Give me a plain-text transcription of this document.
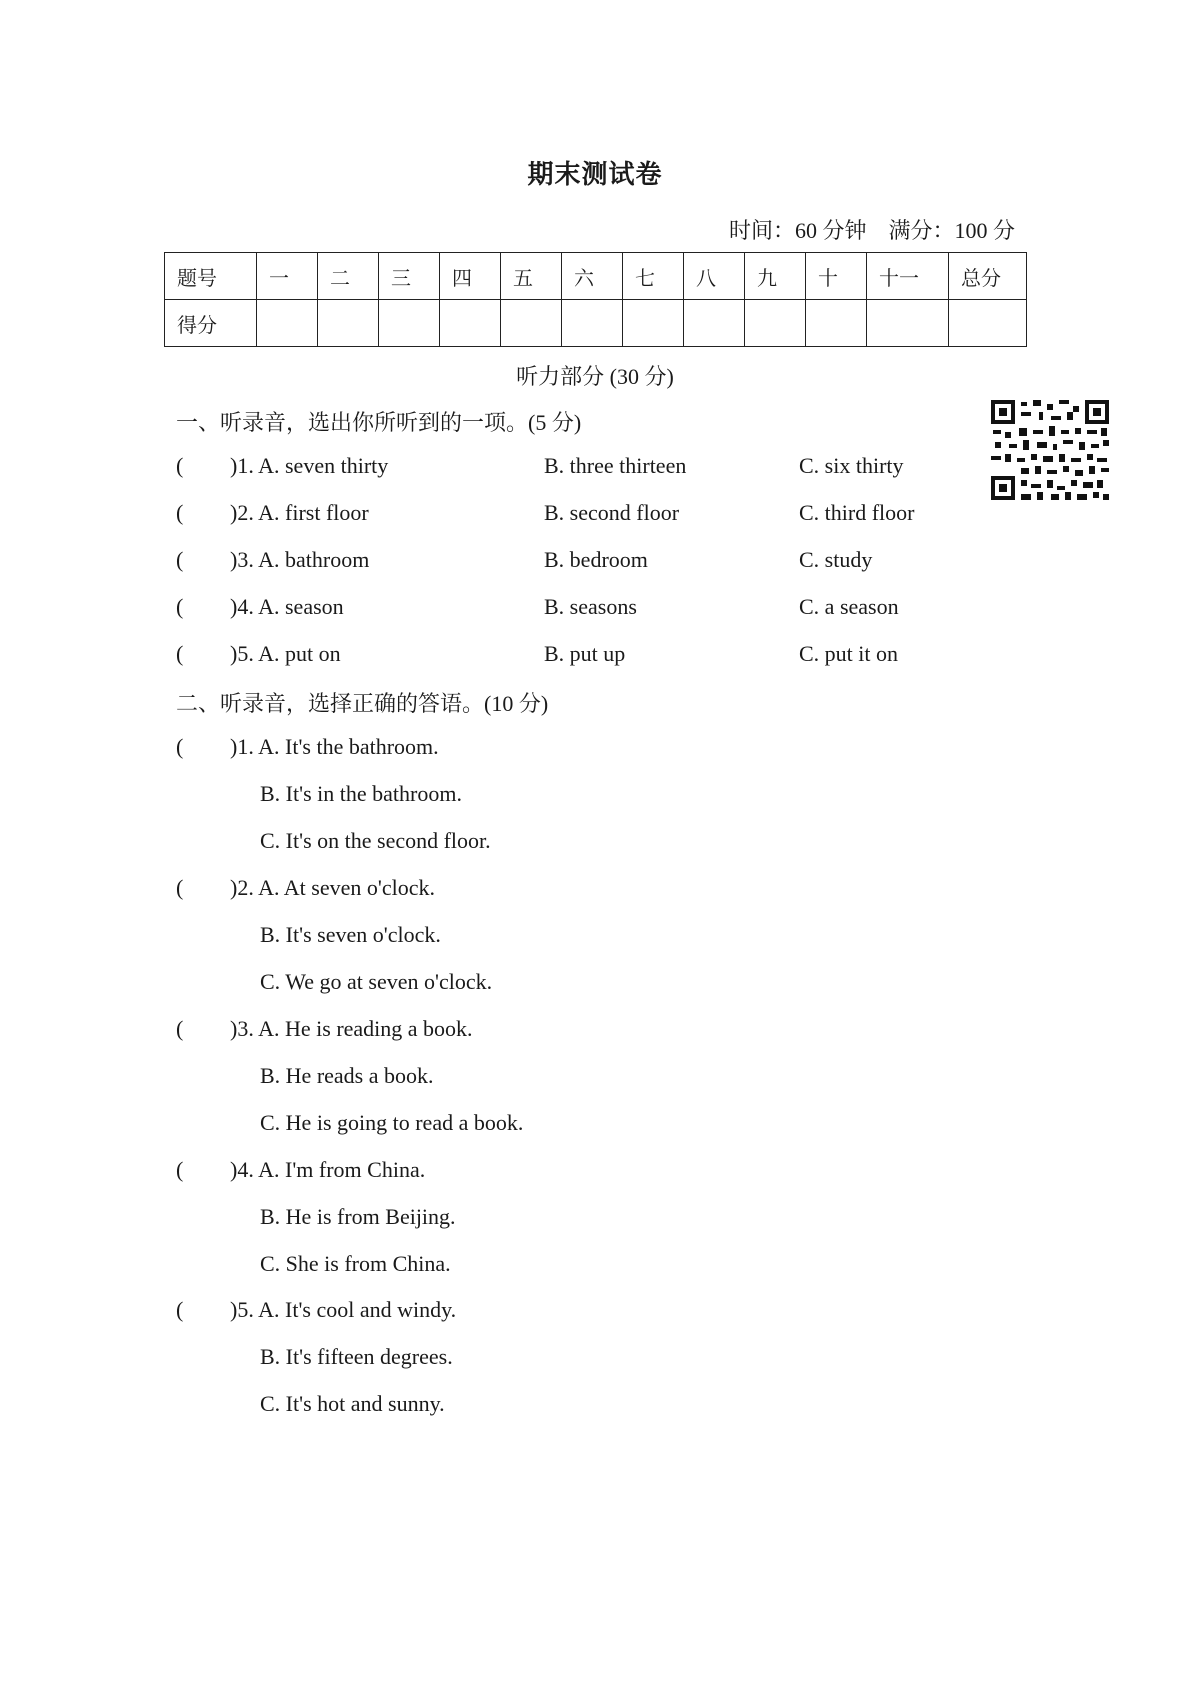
期末测试卷
时间：60 分钟    满分：100 分
题号	一	二	三	四	五	六	七	八	九	十	十一	总分
得分												
听力部分 (30 分)
一、听录音，选出你所听到的一项。(5 分)
( )1. A. seven thirty	B. three thirteen	C. six thirty
( )2. A. first floor	B. second floor	C. third floor
( )3. A. bathroom	B. bedroom	C. study
( )4. A. season	B. seasons	C. a season
( )5. A. put on	B. put up	C. put it on
二、听录音，选择正确的答语。(10 分)
( )1. A. It's the bathroom.
B. It's in the bathroom.
C. It's on the second floor.
( )2. A. At seven o'clock.
B. It's seven o'clock.
C. We go at seven o'clock.
( )3. A. He is reading a book.
B. He reads a book.
C. He is going to read a book.
( )4. A. I'm from China.
B. He is from Beijing.
C. She is from China.
( )5. A. It's cool and windy.
B. It's fifteen degrees.
C. It's hot and sunny.
